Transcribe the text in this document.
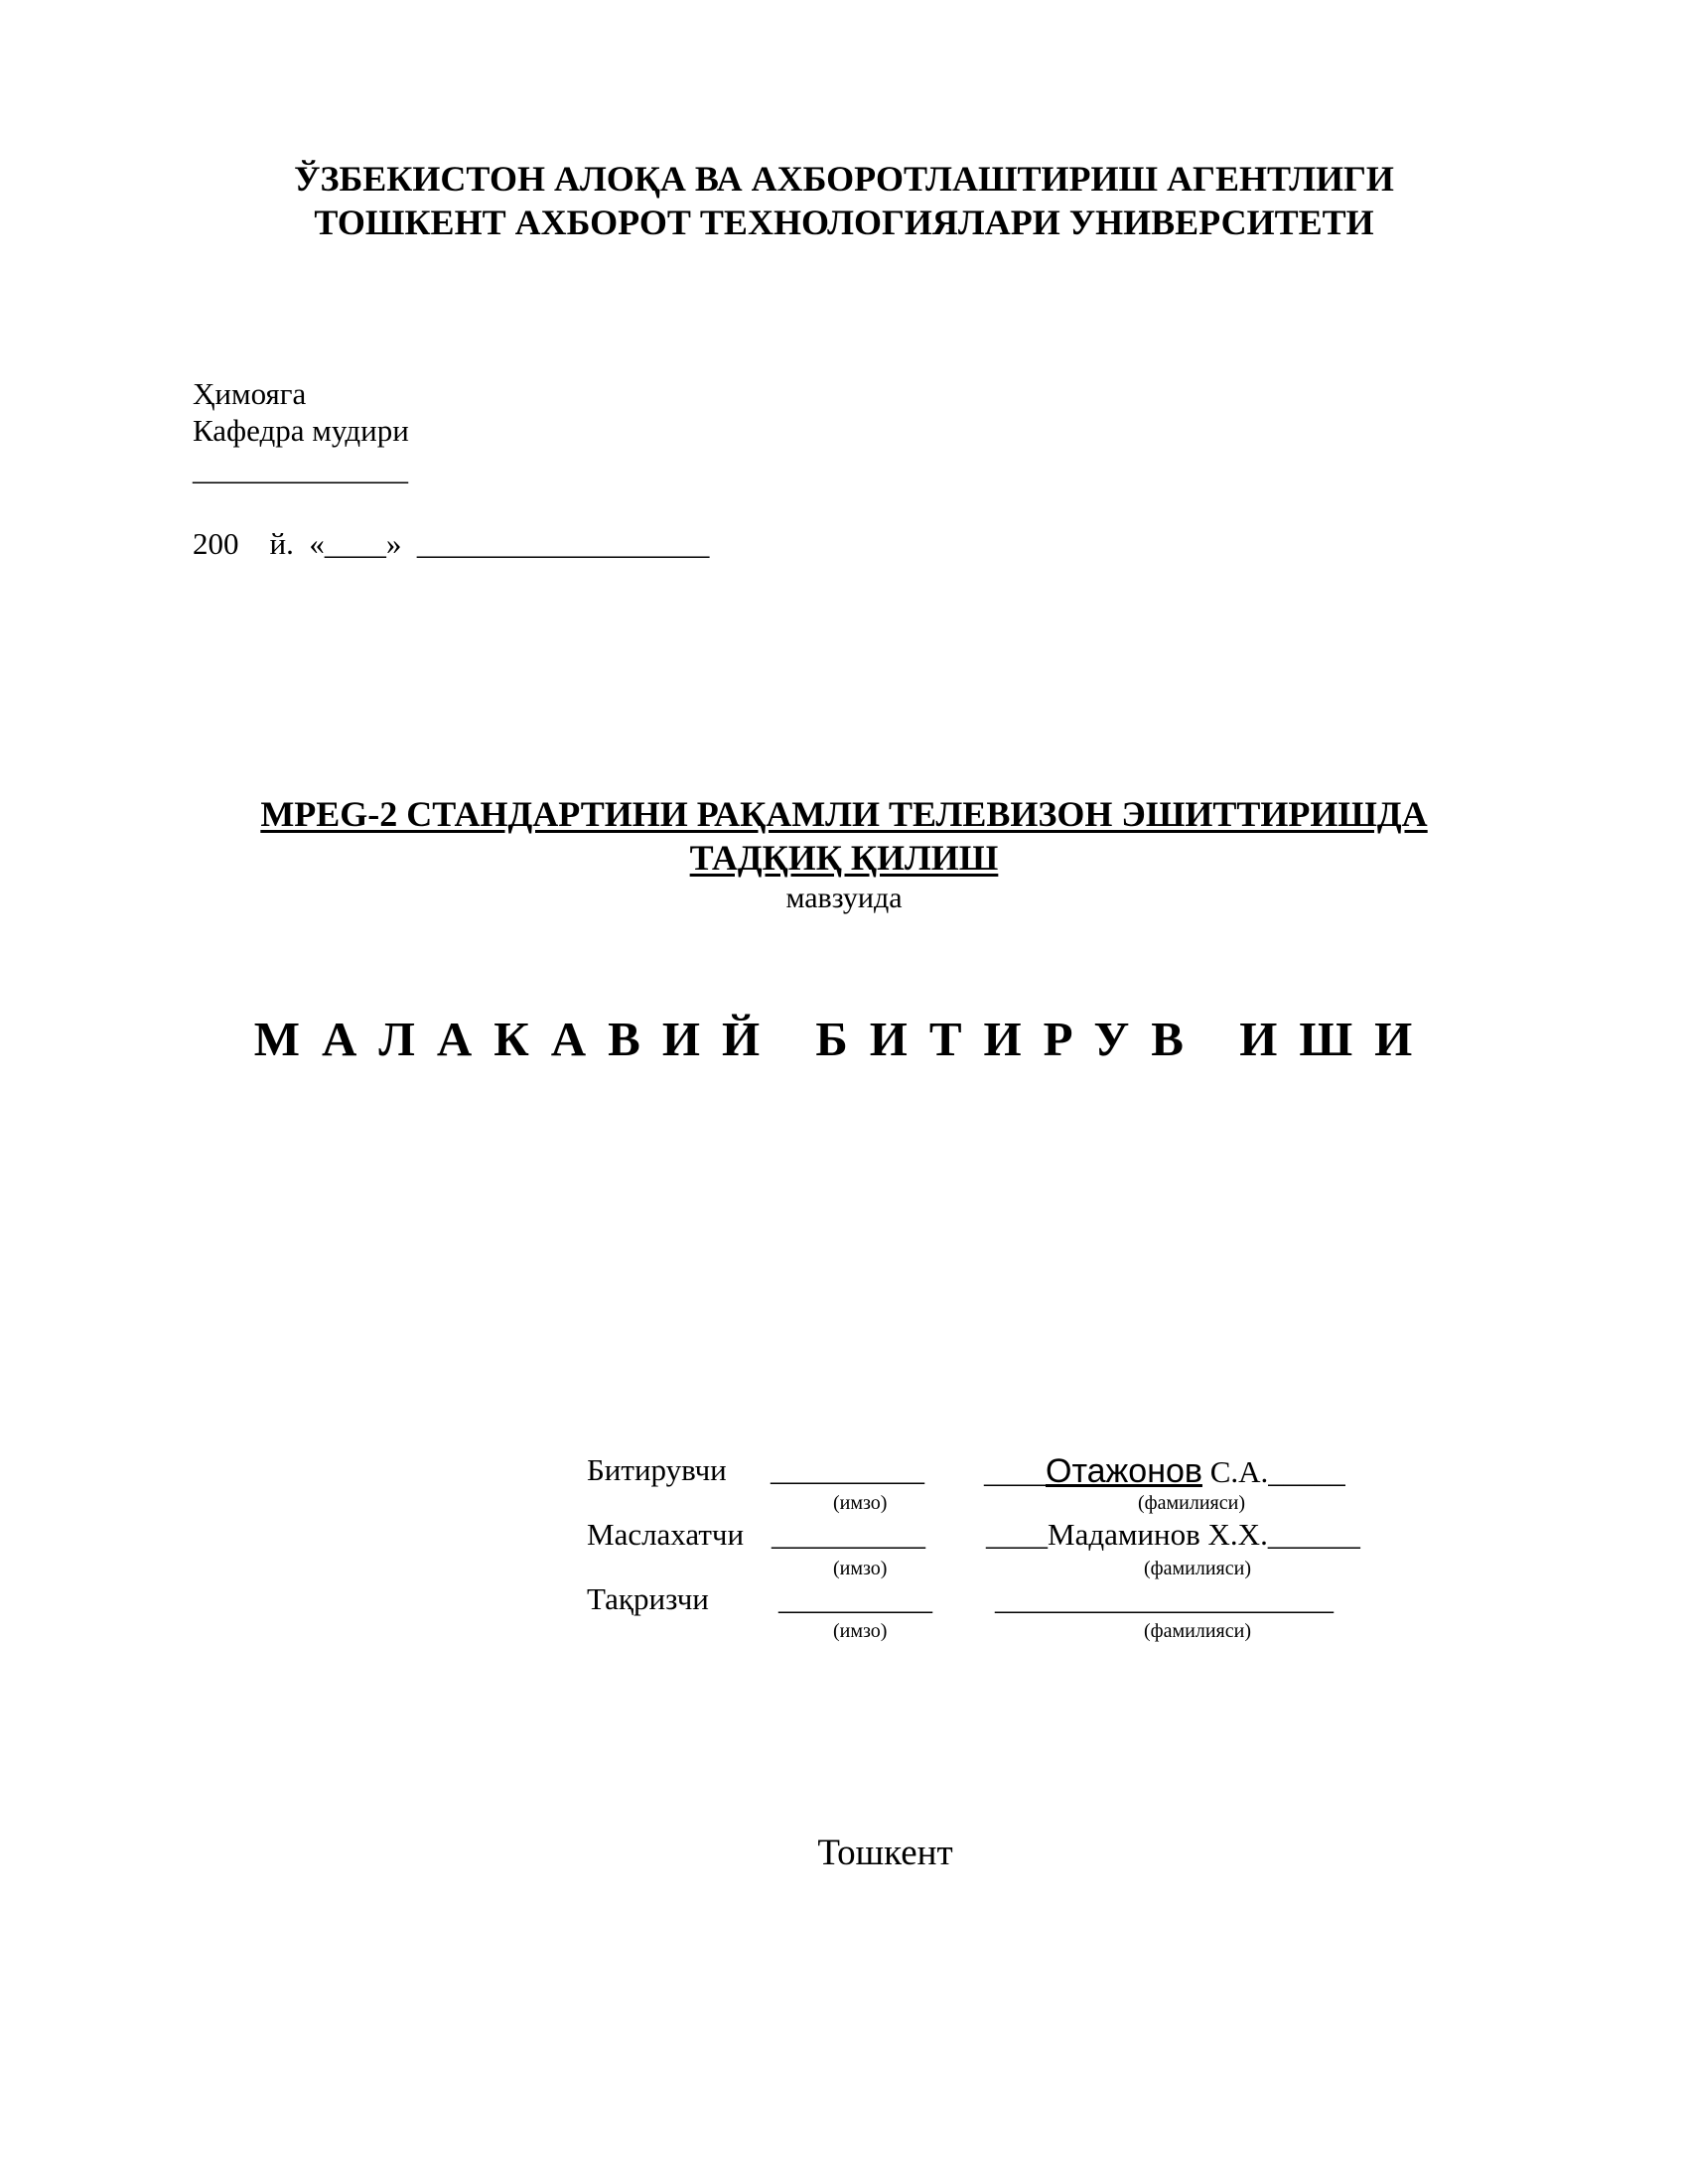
ЎЗБЕКИСТОН АЛОҚА ВА АХБОРОТЛАШТИРИШ АГЕНТЛИГИ
ТОШКЕНТ АХБОРОТ ТЕХНОЛОГИЯЛАРИ УНИВЕРСИТЕТИ
Ҳимояга
Кафедра мудири
______________
200 й.  «____»  ___________________
MPEG-2 СТАНДАРТИНИ РАҚАМЛИ ТЕЛЕВИЗОН ЭШИТТИРИШДА
ТАДҚИҚ ҚИЛИШ
мавзуида
МАЛАКАВИЙ БИТИРУВ ИШИ
Битирувчи __________ ____Отажонов С.А._____
(имзо)	(фамилияси)
Маслахатчи __________ ____Мадаминов Х.Х.______
(имзо)	(фамилияси)
Тақризчи __________ ______________________
(имзо)	(фамилияси)
Тошкент
